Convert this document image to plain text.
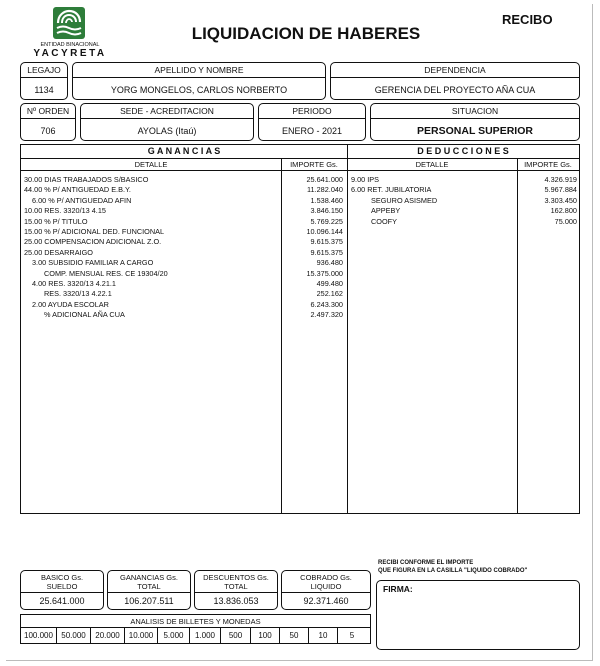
ENTIDAD BINACIONAL
YACYRETA
LIQUIDACION DE HABERES
RECIBO
LEGAJO
1134
APELLIDO Y NOMBRE
YORG MONGELOS, CARLOS NORBERTO
DEPENDENCIA
GERENCIA DEL PROYECTO AÑA CUA
Nº ORDEN
706
SEDE - ACREDITACION
AYOLAS (Itaú)
PERIODO
ENERO - 2021
SITUACION
PERSONAL SUPERIOR
G A N A N C I A S	D E D U C C I O N E S
DETALLE	IMPORTE Gs.	DETALLE	IMPORTE Gs.
30.00 DIAS TRABAJADOS S/BASICO	25.641.000
44.00 % P/ ANTIGUEDAD E.B.Y.	11.282.040
6.00 % P/ ANTIGUEDAD AFIN	1.538.460
10.00 RES. 3320/13 4.15	3.846.150
15.00 % P/ TITULO	5.769.225
15.00 % P/ ADICIONAL DED. FUNCIONAL	10.096.144
25.00 COMPENSACION ADICIONAL Z.O.	9.615.375
25.00 DESARRAIGO	9.615.375
3.00 SUBSIDIO FAMILIAR A CARGO	936.480
COMP. MENSUAL RES. CE 19304/20	15.375.000
4.00 RES. 3320/13 4.21.1	499.480
RES. 3320/13 4.22.1	252.162
2.00 AYUDA ESCOLAR	6.243.300
% ADICIONAL AÑA CUA	2.497.320
9.00 IPS	4.326.919
6.00 RET. JUBILATORIA	5.967.884
SEGURO ASISMED	3.303.450
APPEBY	162.800
COOFY	75.000
BASICO Gs.
SUELDO
25.641.000
GANANCIAS Gs.
TOTAL
106.207.511
DESCUENTOS Gs.
TOTAL
13.836.053
COBRADO Gs.
LIQUIDO
92.371.460
ANALISIS DE BILLETES Y MONEDAS
100.000	50.000	20.000	10.000	5.000	1.000	500	100	50	10	5
RECIBI CONFORME EL IMPORTE
QUE FIGURA EN LA CASILLA "LIQUIDO COBRADO"
FIRMA:
